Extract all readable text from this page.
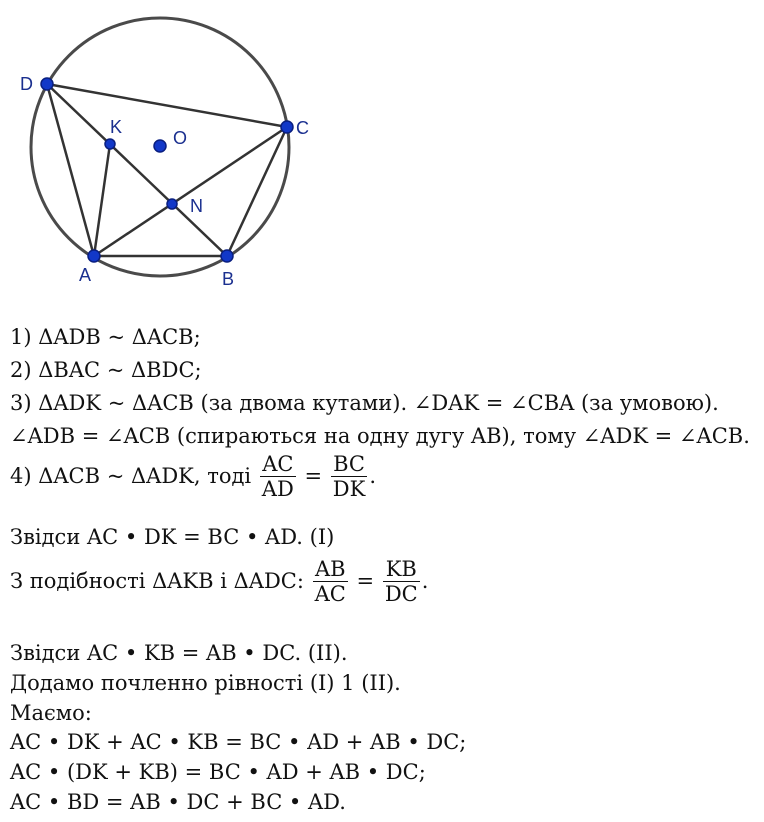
D
C
K
O
N
A	B
1) ΔADB ~ ΔACB;
2) ΔBAC ~ ΔBDC;
3) ΔADK ~ ΔACB (за двома кутами). ∠DAK = ∠CBA (за умовою).
∠ADB = ∠ACB (спираються на одну дугу AB), тому ∠ADK = ∠ACB.
4) ΔACB ~ ΔADK, тоді $\frac{AC}{AD} = \frac{BC}{DK}$ .
Звідси AC • DK = BC • AD. (I)
З подібності ΔAKB і ΔADC: $\frac{AB}{AC} = \frac{KB}{DC}$ .
Звідси AC • KB = AB • DC. (II).
Додамо почленно рівності (I) 1 (II).
Маємо:
AC • DK + AC • KB = BC • AD + AB • DC;
AC • (DK + KB) = BC • AD + AB • DC;
AC • BD = AB • DC + BC • AD.
